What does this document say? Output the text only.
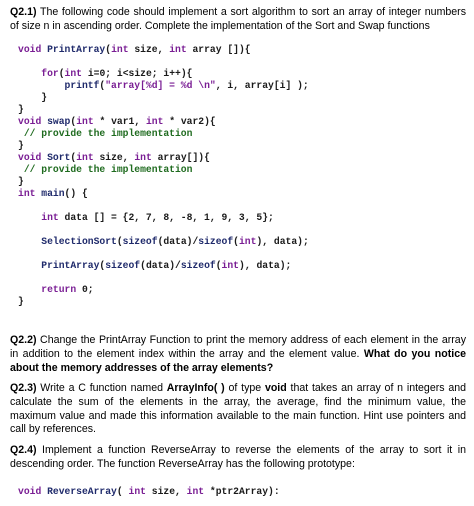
Q2.1) The following code should implement a sort algorithm to sort an array of integer numbers of size n in ascending order. Complete the implementation of the Sort and Swap functions

void PrintArray(int size, int array []){

for(int i=0; i<size; i++){
printf("array[%d] = %d \n", i, array[i] );
}
}
void swap(int * var1, int * var2){
// provide the implementation
}
void Sort(int size, int array[]){
// provide the implementation
}
int main() {

int data [] = {2, 7, 8, -8, 1, 9, 3, 5};

SelectionSort(sizeof(data)/sizeof(int), data);

PrintArray(sizeof(data)/sizeof(int), data);

return 0;
}

Q2.2) Change the PrintArray Function to print the memory address of each element in the array in addition to the element index within the array and the element value. What do you notice about the memory addresses of the array elements?

Q2.3) Write a C function named ArrayInfo( ) of type void that takes an array of n integers and calculate the sum of the elements in the array, the average, find the minimum value, the maximum value and made this information available to the main function. Hint use pointers and call by references.

Q2.4) Implement a function ReverseArray to reverse the elements of the array to sort it in descending order. The function ReverseArray has the following prototype:

void ReverseArray( int size, int *ptr2Array):
